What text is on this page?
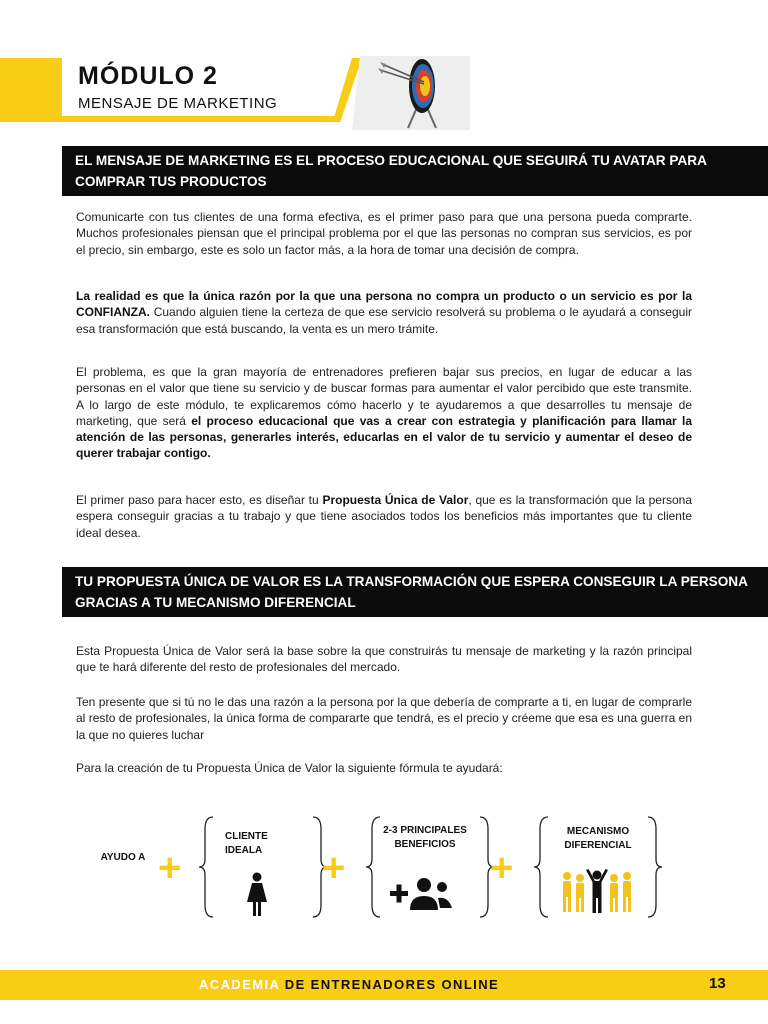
MÓDULO 2
MENSAJE DE MARKETING
EL MENSAJE DE MARKETING ES EL PROCESO EDUCACIONAL QUE SEGUIRÁ TU AVATAR PARA COMPRAR TUS PRODUCTOS

Comunicarte con tus clientes de una forma efectiva, es el primer paso para que una persona pueda comprarte. Muchos profesionales piensan que el principal problema por el que las personas no compran sus servicios, es por el precio, sin embargo, este es solo un factor más, a la hora de tomar una decisión de compra.

La realidad es que la única razón por la que una persona no compra un producto o un servicio es por la CONFIANZA. Cuando alguien tiene la certeza de que ese servicio resolverá su problema o le ayudará a conseguir esa transformación que está buscando, la venta es un mero trámite.

El problema, es que la gran mayoría de entrenadores prefieren bajar sus precios, en lugar de educar a las personas en el valor que tiene su servicio y de buscar formas para aumentar el valor percibido que este transmite. A lo largo de este módulo, te explicaremos cómo hacerlo y te ayudaremos a que desarrolles tu mensaje de marketing, que será el proceso educacional que vas a crear con estrategia y planificación para llamar la atención de las personas, generarles interés, educarlas en el valor de tu servicio y aumentar el deseo de querer trabajar contigo.

El primer paso para hacer esto, es diseñar tu Propuesta Única de Valor, que es la transformación que la persona espera conseguir gracias a tu trabajo y que tiene asociados todos los beneficios más importantes que tu cliente ideal desea.

TU PROPUESTA ÚNICA DE VALOR ES LA TRANSFORMACIÓN QUE ESPERA CONSEGUIR LA PERSONA GRACIAS A TU MECANISMO DIFERENCIAL

Esta Propuesta Única de Valor será la base sobre la que construirás tu mensaje de marketing y la razón principal que te hará diferente del resto de profesionales del mercado.

Ten presente que si tú no le das una razón a la persona por la que debería de comprarte a ti, en lugar de comprarle al resto de profesionales, la única forma de compararte que tendrá, es el precio y créeme que esa es una guerra en la que no quieres luchar

Para la creación de tu Propuesta Única de Valor la siguiente fórmula te ayudará:

AYUDO A +
CLIENTE IDEALA	+
2-3 PRINCIPALES BENEFICIOS
+
MECANISMO DIFERENCIAL
ACADEMIA DE ENTRENADORES ONLINE	13
